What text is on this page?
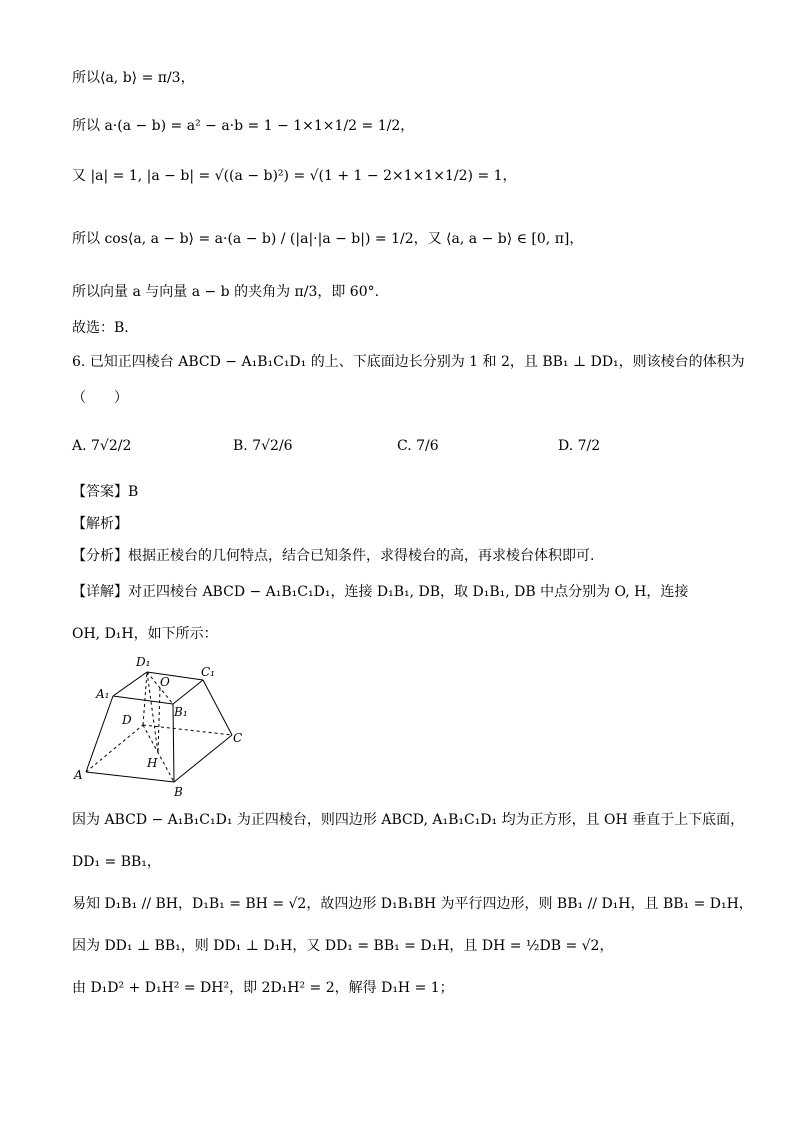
所以⟨a, b⟩ = π/3，
所以 a·(a − b) = a² − a·b = 1 − 1×1×1/2 = 1/2，
又 |a| = 1, |a − b| = √((a − b)²) = √(1 + 1 − 2×1×1×1/2) = 1，
所以 cos⟨a, a − b⟩ = a·(a − b) / (|a|·|a − b|) = 1/2，又 ⟨a, a − b⟩ ∈ [0, π]，
所以向量 a 与向量 a − b 的夹角为 π/3，即 60°.
故选：B.
6. 已知正四棱台 ABCD − A₁B₁C₁D₁ 的上、下底面边长分别为 1 和 2，且 BB₁ ⊥ DD₁，则该棱台的体积为
（　　）
A. 7√2/2	B. 7√2/6	C. 7/6	D. 7/2
【答案】B
【解析】
【分析】根据正棱台的几何特点，结合已知条件，求得棱台的高，再求棱台体积即可.
【详解】对正四棱台 ABCD − A₁B₁C₁D₁，连接 D₁B₁, DB，取 D₁B₁, DB 中点分别为 O, H，连接
OH, D₁H，如下所示：
D₁
C₁
A₁
O
B₁
D
C
H
A
B
因为 ABCD − A₁B₁C₁D₁ 为正四棱台，则四边形 ABCD, A₁B₁C₁D₁ 均为正方形，且 OH 垂直于上下底面，
DD₁ = BB₁，
易知 D₁B₁ // BH，D₁B₁ = BH = √2，故四边形 D₁B₁BH 为平行四边形，则 BB₁ // D₁H，且 BB₁ = D₁H，
因为 DD₁ ⊥ BB₁，则 DD₁ ⊥ D₁H，又 DD₁ = BB₁ = D₁H，且 DH = ½DB = √2，
由 D₁D² + D₁H² = DH²，即 2D₁H² = 2，解得 D₁H = 1；
